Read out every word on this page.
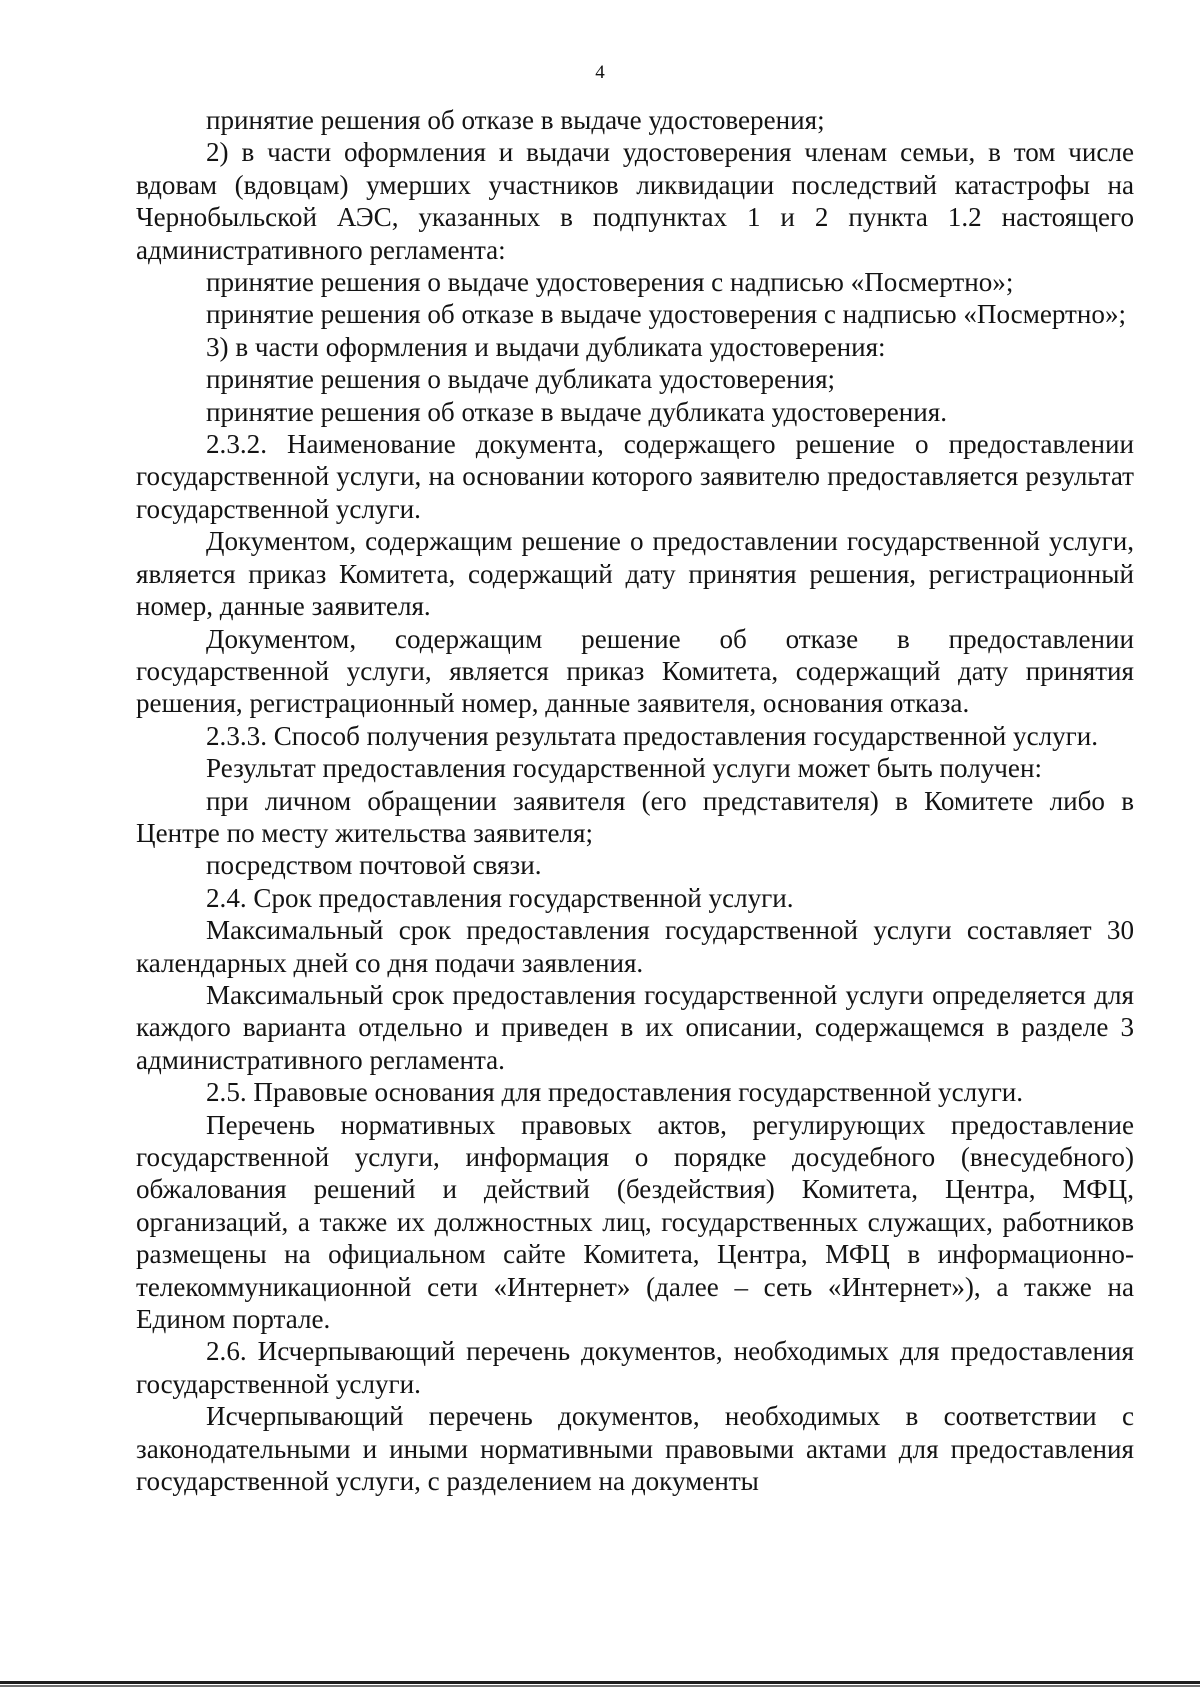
4

принятие решения об отказе в выдаче удостоверения;

2) в части оформления и выдачи удостоверения членам семьи, в том числе вдовам (вдовцам) умерших участников ликвидации последствий катастрофы на Чернобыльской АЭС, указанных в подпунктах 1 и 2 пункта 1.2 настоящего административного регламента:

принятие решения о выдаче удостоверения с надписью «Посмертно»;

принятие решения об отказе в выдаче удостоверения с надписью «Посмертно»;

3) в части оформления и выдачи дубликата удостоверения:

принятие решения о выдаче дубликата удостоверения;

принятие решения об отказе в выдаче дубликата удостоверения.

2.3.2. Наименование документа, содержащего решение о предоставлении государственной услуги, на основании которого заявителю предоставляется результат государственной услуги.

Документом, содержащим решение о предоставлении государственной услуги, является приказ Комитета, содержащий дату принятия решения, регистрационный номер, данные заявителя.

Документом, содержащим решение об отказе в предоставлении государственной услуги, является приказ Комитета, содержащий дату принятия решения, регистрационный номер, данные заявителя, основания отказа.

2.3.3. Способ получения результата предоставления государственной услуги.

Результат предоставления государственной услуги может быть получен:

при личном обращении заявителя (его представителя) в Комитете либо в Центре по месту жительства заявителя;

посредством почтовой связи.

2.4. Срок предоставления государственной услуги.

Максимальный срок предоставления государственной услуги составляет 30 календарных дней со дня подачи заявления.

Максимальный срок предоставления государственной услуги определяется для каждого варианта отдельно и приведен в их описании, содержащемся в разделе 3 административного регламента.

2.5. Правовые основания для предоставления государственной услуги.

Перечень нормативных правовых актов, регулирующих предоставление государственной услуги, информация о порядке досудебного (внесудебного) обжалования решений и действий (бездействия) Комитета, Центра, МФЦ, организаций, а также их должностных лиц, государственных служащих, работников размещены на официальном сайте Комитета, Центра, МФЦ в информационно-телекоммуникационной сети «Интернет» (далее – сеть «Интернет»), а также на Едином портале.

2.6. Исчерпывающий перечень документов, необходимых для предоставления государственной услуги.

Исчерпывающий перечень документов, необходимых в соответствии с законодательными и иными нормативными правовыми актами для предоставления государственной услуги, с разделением на документы
